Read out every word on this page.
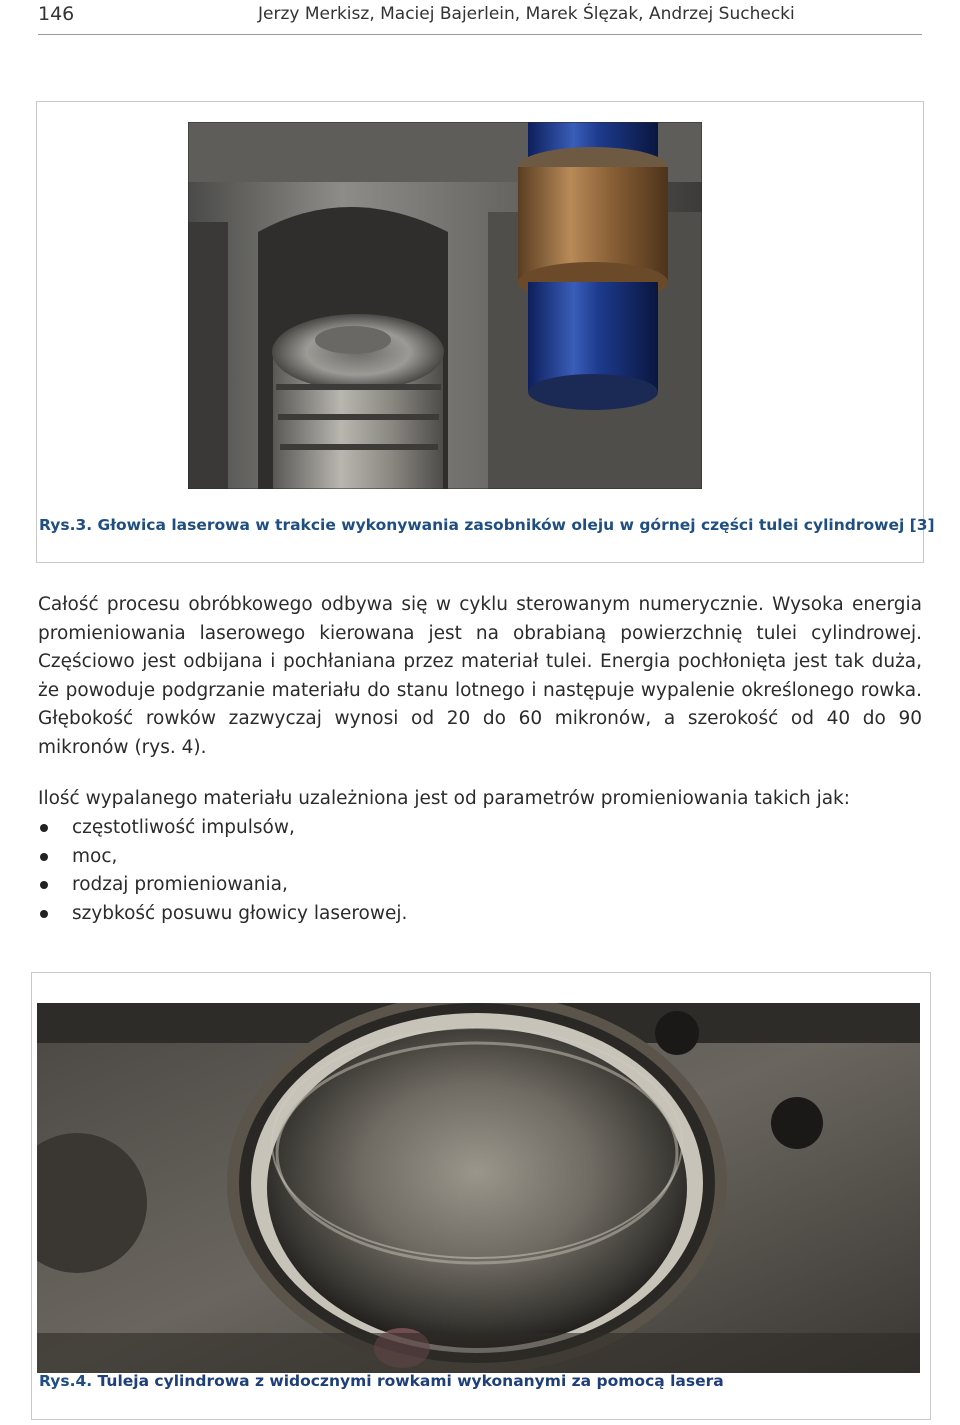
146	Jerzy Merkisz, Maciej Bajerlein, Marek Ślęzak, Andrzej Suchecki
Rys.3. Głowica laserowa w trakcie wykonywania zasobników oleju w górnej części tulei cylindrowej [3]

Całość procesu obróbkowego odbywa się w cyklu sterowanym numerycznie. Wysoka energia promieniowania laserowego kierowana jest na obrabianą powierzchnię tulei cylindrowej. Częściowo jest odbijana i pochłaniana przez materiał tulei. Energia pochłonięta jest tak duża, że powoduje podgrzanie materiału do stanu lotnego i następuje wypalenie określonego rowka. Głębokość rowków zazwyczaj wynosi od 20 do 60 mikronów, a szerokość od 40 do 90 mikronów (rys. 4).

Ilość wypalanego materiału uzależniona jest od parametrów promieniowania takich jak:

częstotliwość impulsów,
moc,
rodzaj promieniowania,
szybkość posuwu głowicy laserowej.
Rys.4. Tuleja cylindrowa z widocznymi rowkami wykonanymi za pomocą lasera
